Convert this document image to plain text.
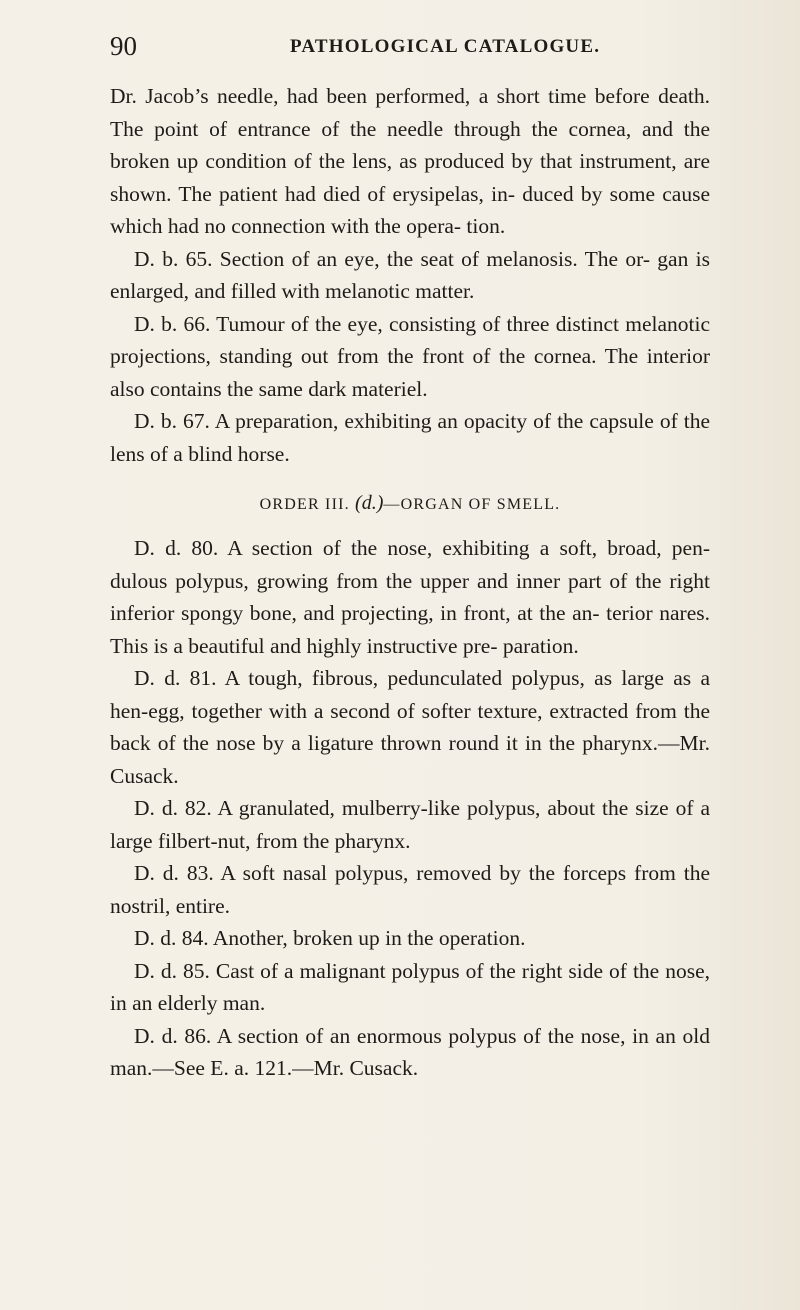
90	PATHOLOGICAL CATALOGUE.

Dr. Jacob’s needle, had been performed, a short time before death. The point of entrance of the needle through the cornea, and the broken up condition of the lens, as produced by that instrument, are shown. The patient had died of erysipelas, in- duced by some cause which had no connection with the opera- tion.

D. b. 65. Section of an eye, the seat of melanosis. The or- gan is enlarged, and filled with melanotic matter.

D. b. 66. Tumour of the eye, consisting of three distinct melanotic projections, standing out from the front of the cornea. The interior also contains the same dark materiel.

D. b. 67. A preparation, exhibiting an opacity of the capsule of the lens of a blind horse.

ORDER III. (d.)—ORGAN OF SMELL.

D. d. 80. A section of the nose, exhibiting a soft, broad, pen- dulous polypus, growing from the upper and inner part of the right inferior spongy bone, and projecting, in front, at the an- terior nares. This is a beautiful and highly instructive pre- paration.

D. d. 81. A tough, fibrous, pedunculated polypus, as large as a hen-egg, together with a second of softer texture, extracted from the back of the nose by a ligature thrown round it in the pharynx.—Mr. Cusack.

D. d. 82. A granulated, mulberry-like polypus, about the size of a large filbert-nut, from the pharynx.

D. d. 83. A soft nasal polypus, removed by the forceps from the nostril, entire.

D. d. 84. Another, broken up in the operation.

D. d. 85. Cast of a malignant polypus of the right side of the nose, in an elderly man.

D. d. 86. A section of an enormous polypus of the nose, in an old man.—See E. a. 121.—Mr. Cusack.
